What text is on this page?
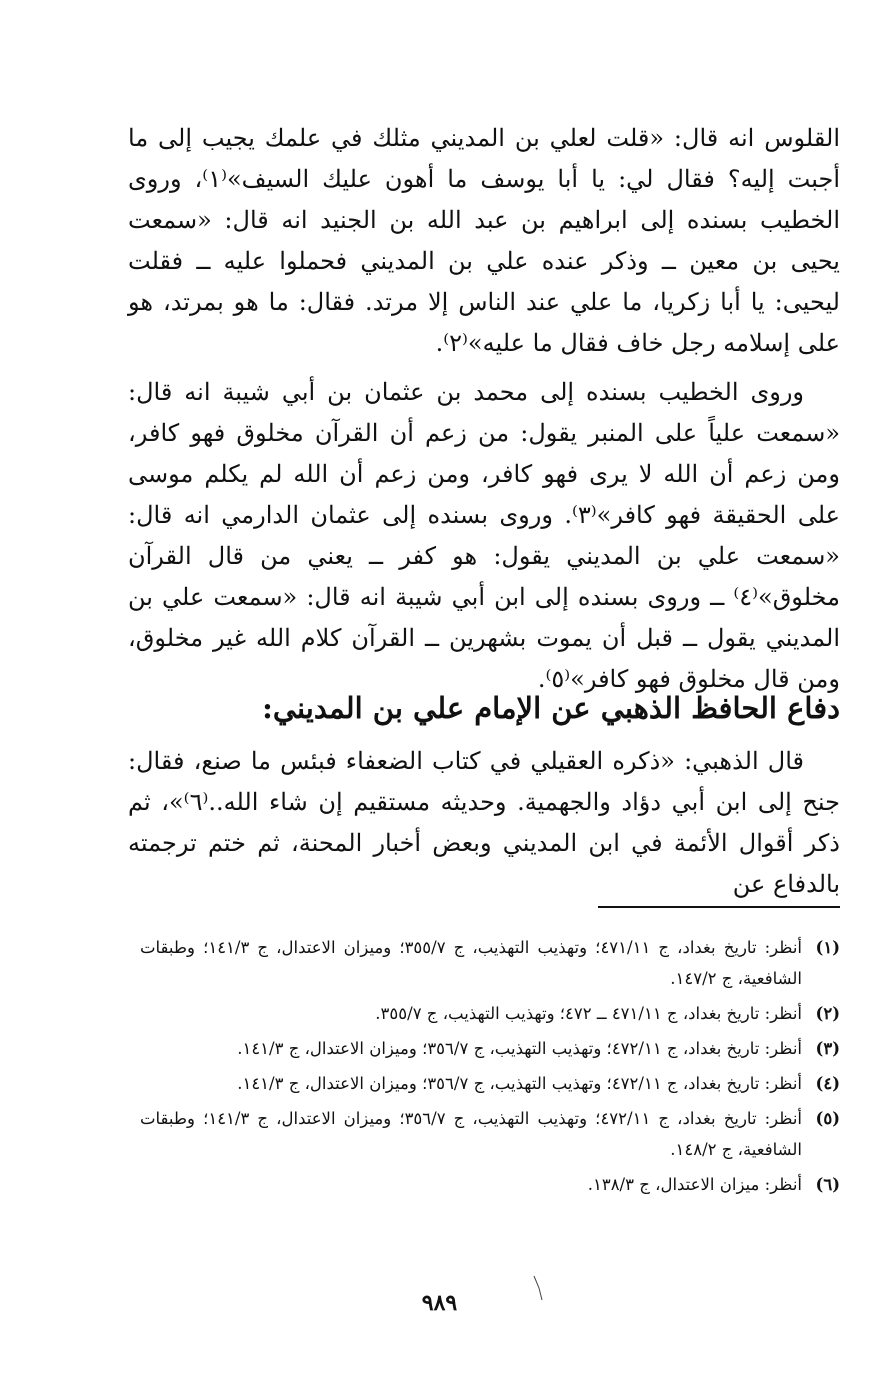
القلوس انه قال: «قلت لعلي بن المديني مثلك في علمك يجيب إلى ما أجبت إليه؟ فقال لي: يا أبا يوسف ما أهون عليك السيف»⁽١⁾، وروى الخطيب بسنده إلى ابراهيم بن عبد الله بن الجنيد انه قال: «سمعت يحيى بن معين ــ وذكر عنده علي بن المديني فحملوا عليه ــ فقلت ليحيى: يا أبا زكريا، ما علي عند الناس إلا مرتد. فقال: ما هو بمرتد، هو على إسلامه رجل خاف فقال ما عليه»⁽٢⁾.

وروى الخطيب بسنده إلى محمد بن عثمان بن أبي شيبة انه قال: «سمعت علياً على المنبر يقول: من زعم أن القرآن مخلوق فهو كافر، ومن زعم أن الله لا يرى فهو كافر، ومن زعم أن الله لم يكلم موسى على الحقيقة فهو كافر»⁽٣⁾. وروى بسنده إلى عثمان الدارمي انه قال: «سمعت علي بن المديني يقول: هو كفر ــ يعني من قال القرآن مخلوق»⁽٤⁾ ــ وروى بسنده إلى ابن أبي شيبة انه قال: «سمعت علي بن المديني يقول ــ قبل أن يموت بشهرين ــ القرآن كلام الله غير مخلوق، ومن قال مخلوق فهو كافر»⁽٥⁾.

دفاع الحافظ الذهبي عن الإمام علي بن المديني:

قال الذهبي: «ذكره العقيلي في كتاب الضعفاء فبئس ما صنع، فقال: جنح إلى ابن أبي دؤاد والجهمية. وحديثه مستقيم إن شاء الله..⁽٦⁾»، ثم ذكر أقوال الأئمة في ابن المديني وبعض أخبار المحنة، ثم ختم ترجمته بالدفاع عن

(١)
أنظر: تاريخ بغداد، ج ٤٧١/١١؛ وتهذيب التهذيب، ج ٣٥٥/٧؛ وميزان الاعتدال، ج ١٤١/٣؛ وطبقات الشافعية، ج ١٤٧/٢.
(٢)
أنظر: تاريخ بغداد، ج ٤٧١/١١ ــ ٤٧٢؛ وتهذيب التهذيب، ج ٣٥٥/٧.
(٣)
أنظر: تاريخ بغداد، ج ٤٧٢/١١؛ وتهذيب التهذيب، ج ٣٥٦/٧؛ وميزان الاعتدال، ج ١٤١/٣.
(٤)
أنظر: تاريخ بغداد، ج ٤٧٢/١١؛ وتهذيب التهذيب، ج ٣٥٦/٧؛ وميزان الاعتدال، ج ١٤١/٣.
(٥)
أنظر: تاريخ بغداد، ج ٤٧٢/١١؛ وتهذيب التهذيب، ج ٣٥٦/٧؛ وميزان الاعتدال، ج ١٤١/٣؛ وطبقات الشافعية، ج ١٤٨/٢.
(٦)
أنظر: ميزان الاعتدال، ج ١٣٨/٣.
٩٨٩
